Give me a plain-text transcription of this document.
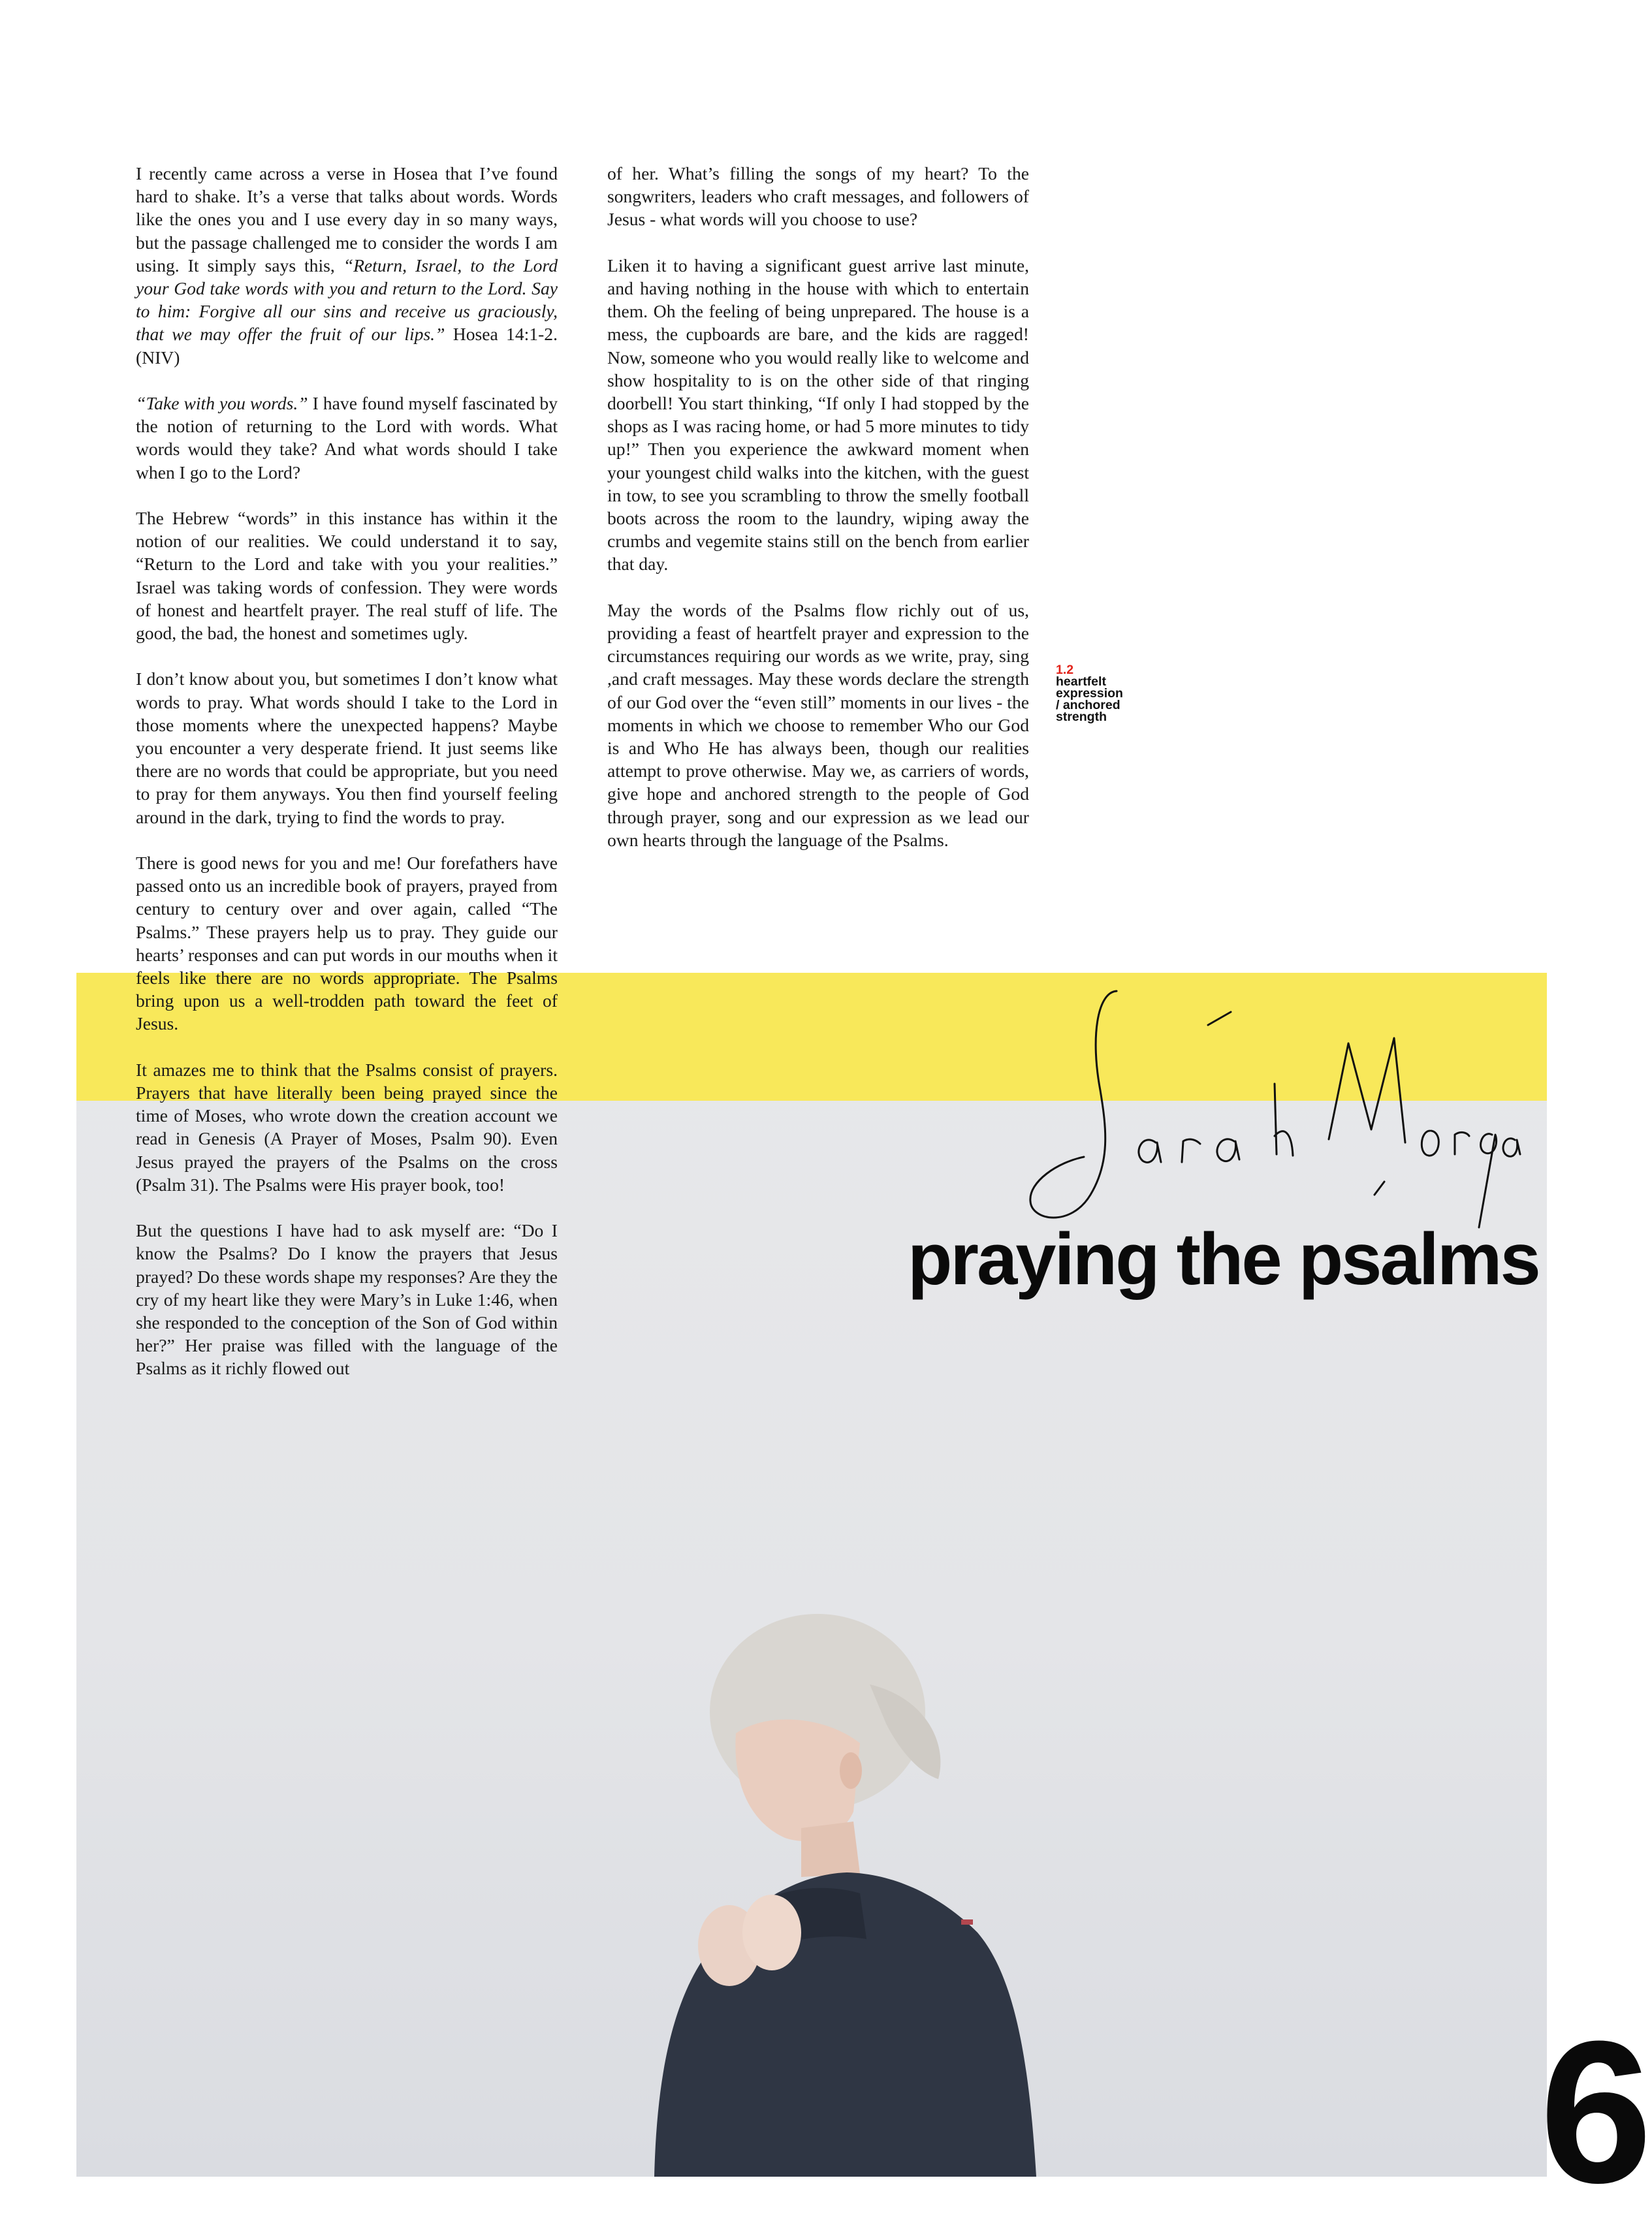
I recently came across a verse in Hosea that I’ve found hard to shake. It’s a verse that talks about words. Words like the ones you and I use every day in so many ways, but the passage challenged me to consider the words I am using. It simply says this, “Return, Israel, to the Lord your God take words with you and return to the Lord. Say to him: Forgive all our sins and receive us graciously, that we may offer the fruit of our lips.” Hosea 14:1-2. (NIV)

“Take with you words.” I have found myself fascinated by the notion of returning to the Lord with words. What words would they take? And what words should I take when I go to the Lord?

The Hebrew “words” in this instance has within it the notion of our realities. We could understand it to say, “Return to the Lord and take with you your realities.” Israel was taking words of confession. They were words of honest and heartfelt prayer. The real stuff of life. The good, the bad, the honest and sometimes ugly.

I don’t know about you, but sometimes I don’t know what words to pray. What words should I take to the Lord in those moments where the unexpected happens? Maybe you encounter a very desperate friend. It just seems like there are no words that could be appropriate, but you need to pray for them anyways. You then find yourself feeling around in the dark, trying to find the words to pray.

There is good news for you and me! Our forefathers have passed onto us an incredible book of prayers, prayed from century to century over and over again, called “The Psalms.” These prayers help us to pray. They guide our hearts’ responses and can put words in our mouths when it feels like there are no words appropriate. The Psalms bring upon us a well-trodden path toward the feet of Jesus.

It amazes me to think that the Psalms consist of prayers. Prayers that have literally been being prayed since the time of Moses, who wrote down the creation account we read in Genesis (A Prayer of Moses, Psalm 90). Even Jesus prayed the prayers of the Psalms on the cross (Psalm 31). The Psalms were His prayer book, too!

But the questions I have had to ask myself are: “Do I know the Psalms? Do I know the prayers that Jesus prayed? Do these words shape my responses? Are they the cry of my heart like they were Mary’s in Luke 1:46, when she responded to the conception of the Son of God within her?” Her praise was filled with the language of the Psalms as it richly flowed out

of her. What’s filling the songs of my heart? To the songwriters, leaders who craft messages, and followers of Jesus - what words will you choose to use?

Liken it to having a significant guest arrive last minute, and having nothing in the house with which to entertain them. Oh the feeling of being unprepared. The house is a mess, the cupboards are bare, and the kids are ragged! Now, someone who you would really like to welcome and show hospitality to is on the other side of that ringing doorbell! You start thinking, “If only I had stopped by the shops as I was racing home, or had 5 more minutes to tidy up!” Then you experience the awkward moment when your youngest child walks into the kitchen, with the guest in tow, to see you scrambling to throw the smelly football boots across the room to the laundry, wiping away the crumbs and vegemite stains still on the bench from earlier that day.

May the words of the Psalms flow richly out of us, providing a feast of heartfelt prayer and expression to the circumstances requiring our words as we write, pray, sing ,and craft messages. May these words declare the strength of our God over the “even still” moments in our lives - the moments in which we choose to remember Who our God is and Who He has always been, though our realities attempt to prove otherwise. May we, as carriers of words, give hope and anchored strength to the people of God through prayer, song and our expression as we lead our own hearts through the language of the Psalms.

1.2
heartfelt
expression
/ anchored
strength
praying the psalms
6
